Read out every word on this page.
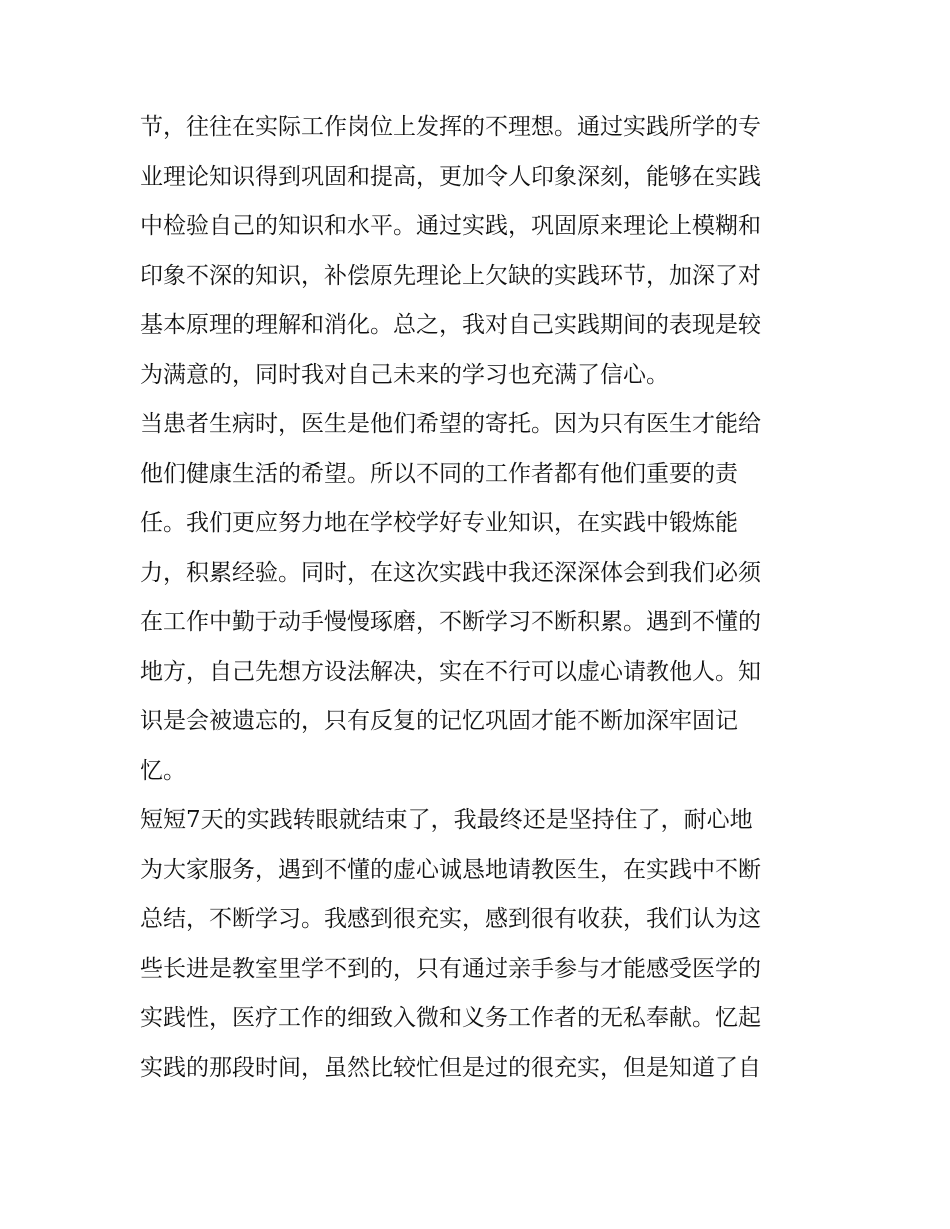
节，往往在实际工作岗位上发挥的不理想。通过实践所学的专
业理论知识得到巩固和提高，更加令人印象深刻，能够在实践
中检验自己的知识和水平。通过实践，巩固原来理论上模糊和
印象不深的知识，补偿原先理论上欠缺的实践环节，加深了对
基本原理的理解和消化。总之，我对自己实践期间的表现是较
为满意的，同时我对自己未来的学习也充满了信心。
当患者生病时，医生是他们希望的寄托。因为只有医生才能给
他们健康生活的希望。所以不同的工作者都有他们重要的责
任。我们更应努力地在学校学好专业知识，在实践中锻炼能
力，积累经验。同时，在这次实践中我还深深体会到我们必须
在工作中勤于动手慢慢琢磨，不断学习不断积累。遇到不懂的
地方，自己先想方设法解决，实在不行可以虚心请教他人。知
识是会被遗忘的，只有反复的记忆巩固才能不断加深牢固记
忆。
短短7天的实践转眼就结束了，我最终还是坚持住了，耐心地
为大家服务，遇到不懂的虚心诚恳地请教医生，在实践中不断
总结，不断学习。我感到很充实，感到很有收获，我们认为这
些长进是教室里学不到的，只有通过亲手参与才能感受医学的
实践性，医疗工作的细致入微和义务工作者的无私奉献。忆起
实践的那段时间，虽然比较忙但是过的很充实，但是知道了自
